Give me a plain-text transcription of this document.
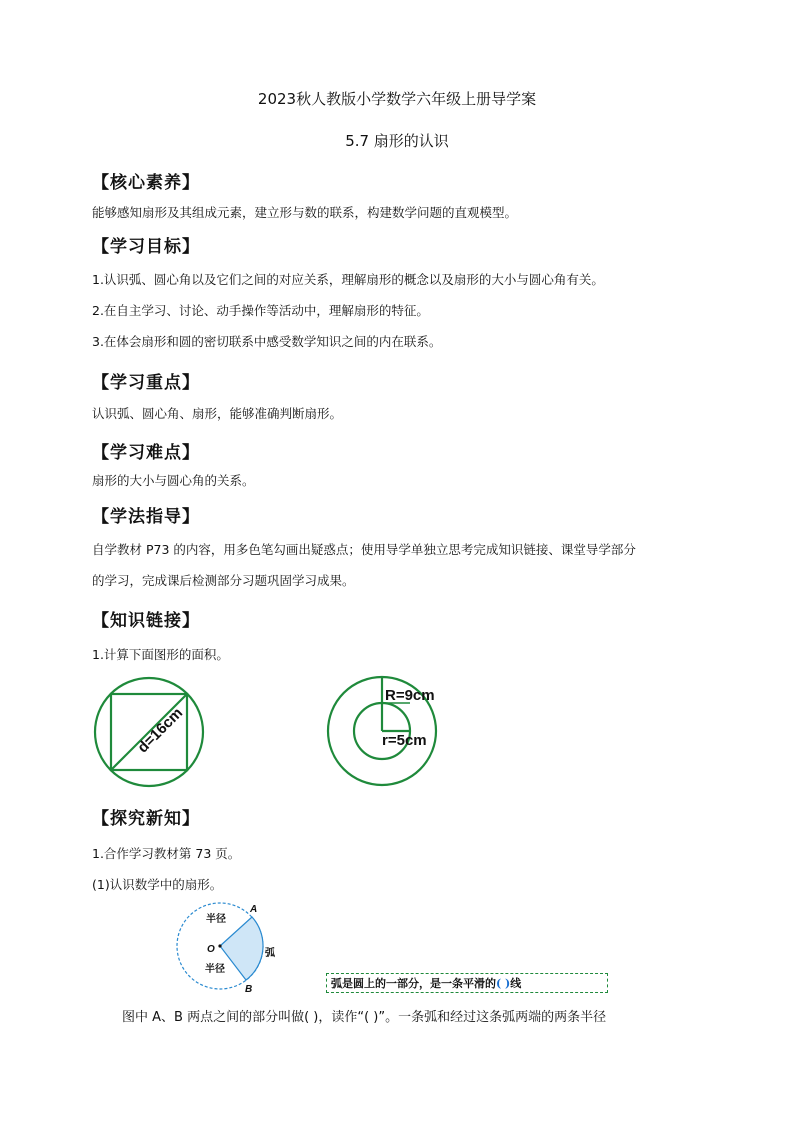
2023秋人教版小学数学六年级上册导学案
5.7 扇形的认识
【核心素养】
能够感知扇形及其组成元素，建立形与数的联系，构建数学问题的直观模型。
【学习目标】
1.认识弧、圆心角以及它们之间的对应关系，理解扇形的概念以及扇形的大小与圆心角有关。
2.在自主学习、讨论、动手操作等活动中，理解扇形的特征。
3.在体会扇形和圆的密切联系中感受数学知识之间的内在联系。
【学习重点】
认识弧、圆心角、扇形，能够准确判断扇形。
【学习难点】
扇形的大小与圆心角的关系。
【学法指导】
自学教材 P73 的内容，用多色笔勾画出疑惑点；使用导学单独立思考完成知识链接、课堂导学部分
的学习，完成课后检测部分习题巩固学习成果。
【知识链接】
1.计算下面图形的面积。
d=16cm
R=9cm
r=5cm
【探究新知】
1.合作学习教材第 73 页。
(1)认识数学中的扇形。
半径
半径
弧
A
B
O
弧是圆上的一部分，是一条平滑的( )线
图中 A、B 两点之间的部分叫做( )，读作“( )”。一条弧和经过这条弧两端的两条半径
